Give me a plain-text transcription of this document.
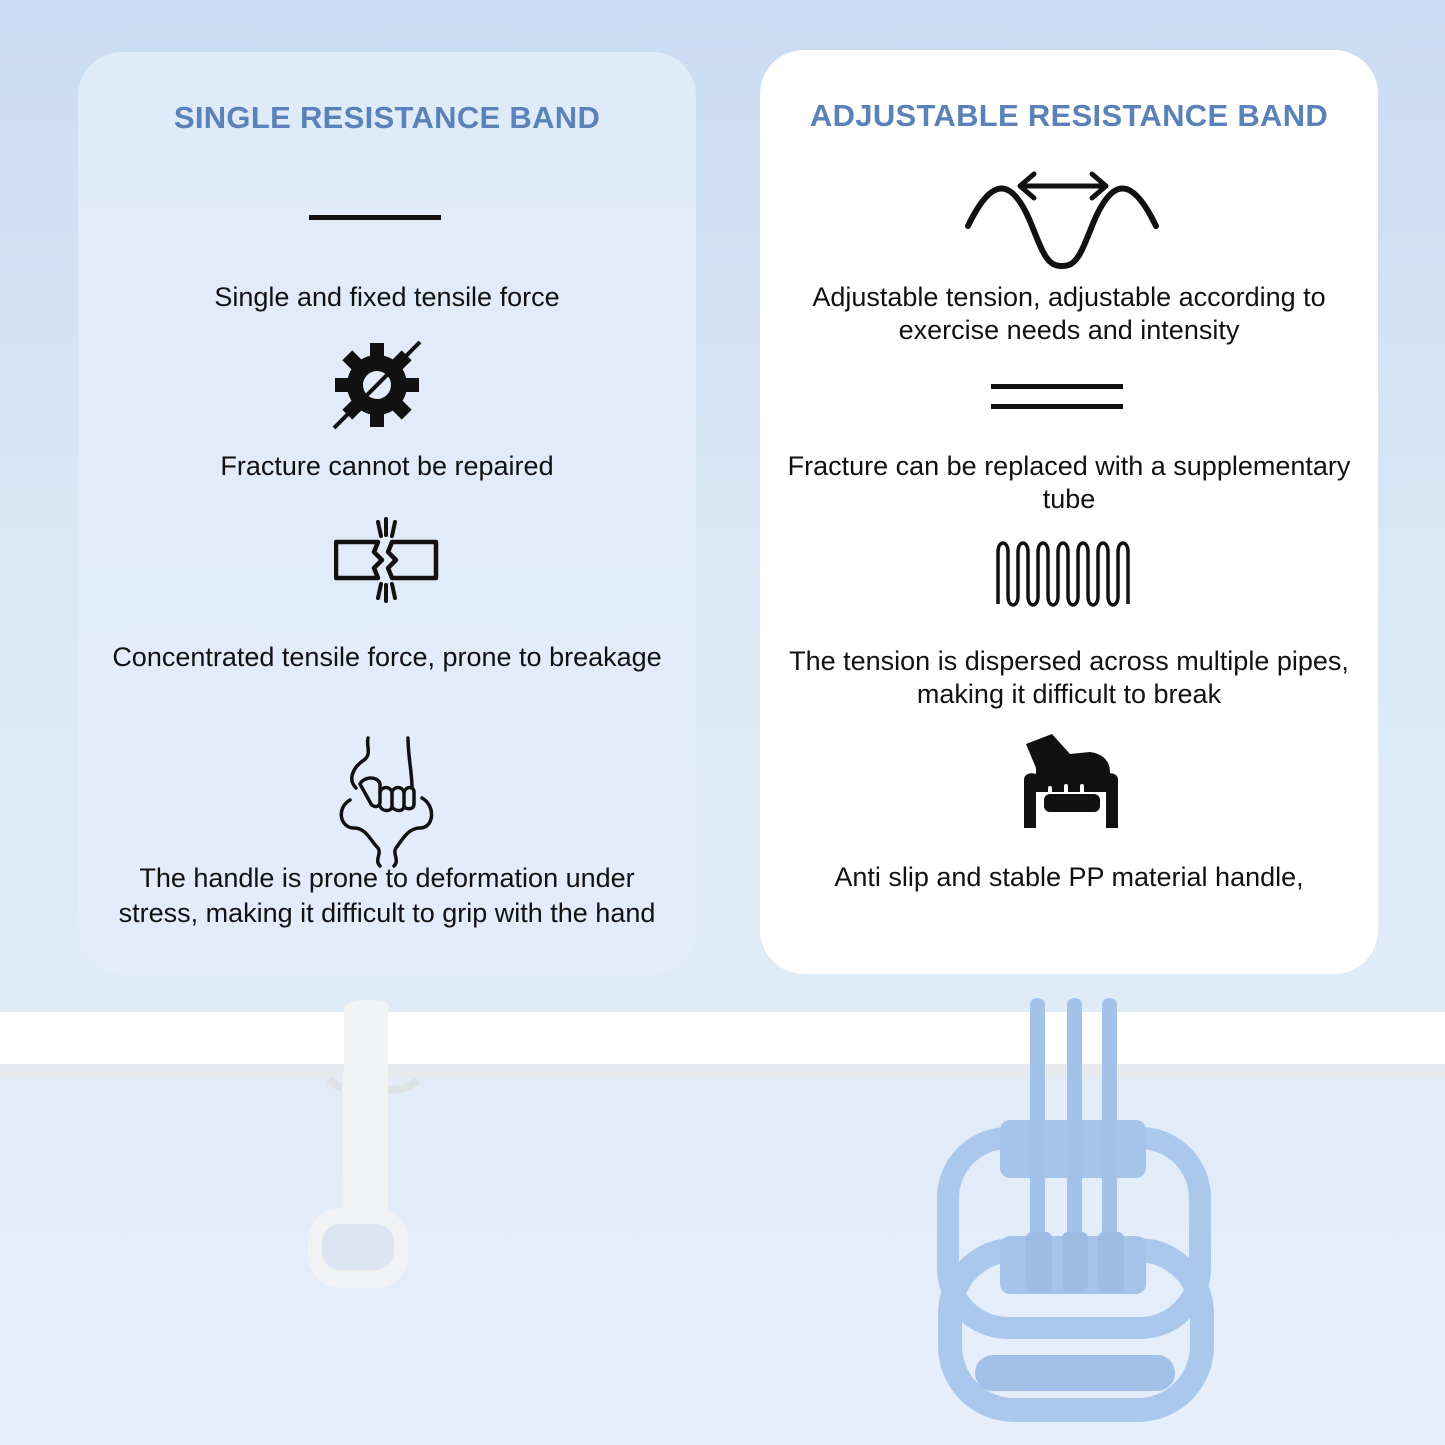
SINGLE RESISTANCE BAND

Single and fixed tensile force

Fracture cannot be repaired

Concentrated tensile force, prone to breakage

The handle is prone to deformation under stress, making it difficult to grip with the hand

ADJUSTABLE RESISTANCE BAND

Adjustable tension, adjustable according to exercise needs and intensity

Fracture can be replaced with a supplementary tube

The tension is dispersed across multiple pipes, making it difficult to break

Anti slip and stable PP material handle,
